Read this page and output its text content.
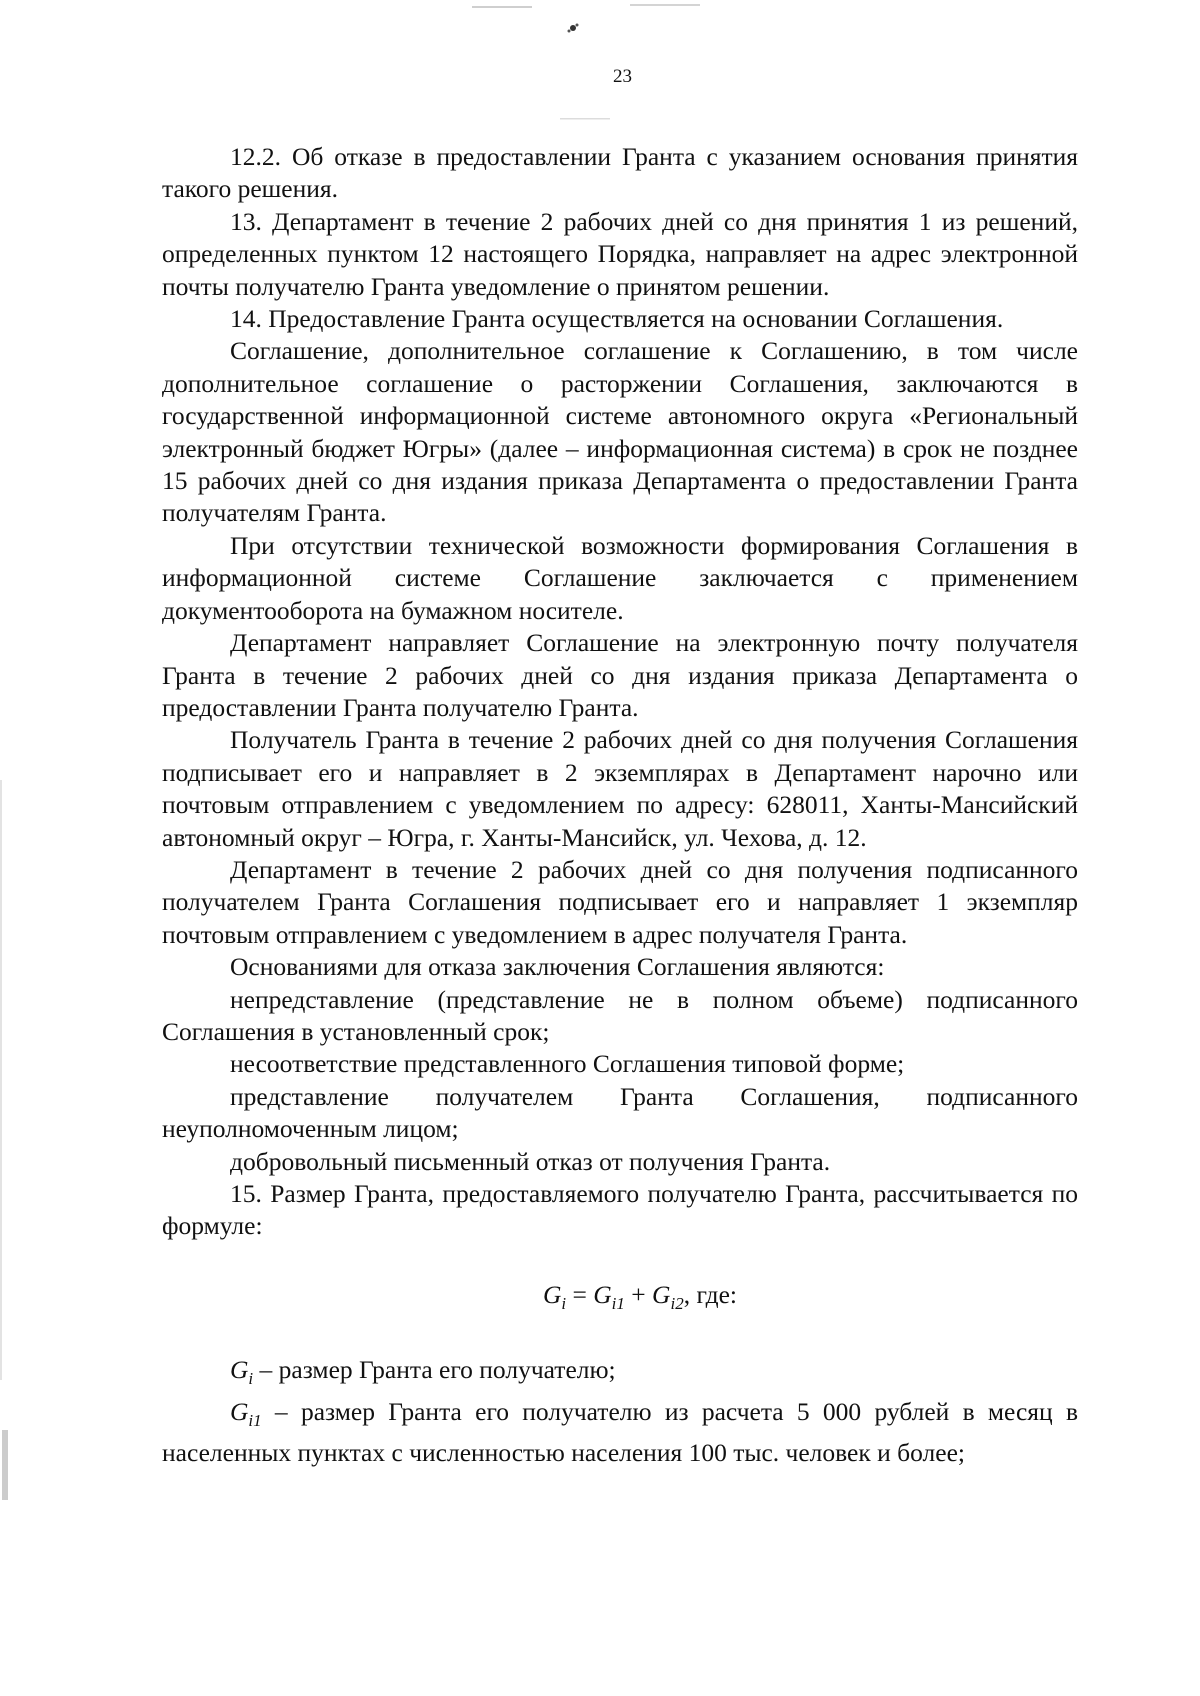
23

12.2. Об отказе в предоставлении Гранта с указанием основания принятия такого решения.

13. Департамент в течение 2 рабочих дней со дня принятия 1 из решений, определенных пунктом 12 настоящего Порядка, направляет на адрес электронной почты получателю Гранта уведомление о принятом решении.

14. Предоставление Гранта осуществляется на основании Соглашения.

Соглашение, дополнительное соглашение к Соглашению, в том числе дополнительное соглашение о расторжении Соглашения, заключаются в государственной информационной системе автономного округа «Региональный электронный бюджет Югры» (далее – информационная система) в срок не позднее 15 рабочих дней со дня издания приказа Департамента о предоставлении Гранта получателям Гранта.

При отсутствии технической возможности формирования Соглашения в информационной системе Соглашение заключается с применением документооборота на бумажном носителе.

Департамент направляет Соглашение на электронную почту получателя Гранта в течение 2 рабочих дней со дня издания приказа Департамента о предоставлении Гранта получателю Гранта.

Получатель Гранта в течение 2 рабочих дней со дня получения Соглашения подписывает его и направляет в 2 экземплярах в Департамент нарочно или почтовым отправлением с уведомлением по адресу: 628011, Ханты-Мансийский автономный округ – Югра, г. Ханты-Мансийск, ул. Чехова, д. 12.

Департамент в течение 2 рабочих дней со дня получения подписанного получателем Гранта Соглашения подписывает его и направляет 1 экземпляр почтовым отправлением с уведомлением в адрес получателя Гранта.

Основаниями для отказа заключения Соглашения являются:

непредставление (представление не в полном объеме) подписанного Соглашения в установленный срок;

несоответствие представленного Соглашения типовой форме;

представление получателем Гранта Соглашения, подписанного неуполномоченным лицом;

добровольный письменный отказ от получения Гранта.

15. Размер Гранта, предоставляемого получателю Гранта, рассчитывается по формуле:

$G_i = G_{i1} + G_{i2}$, где:

$G_i$ – размер Гранта его получателю;

$G_{i1}$ – размер Гранта его получателю из расчета 5 000 рублей в месяц в населенных пунктах с численностью населения 100 тыс. человек и более;
